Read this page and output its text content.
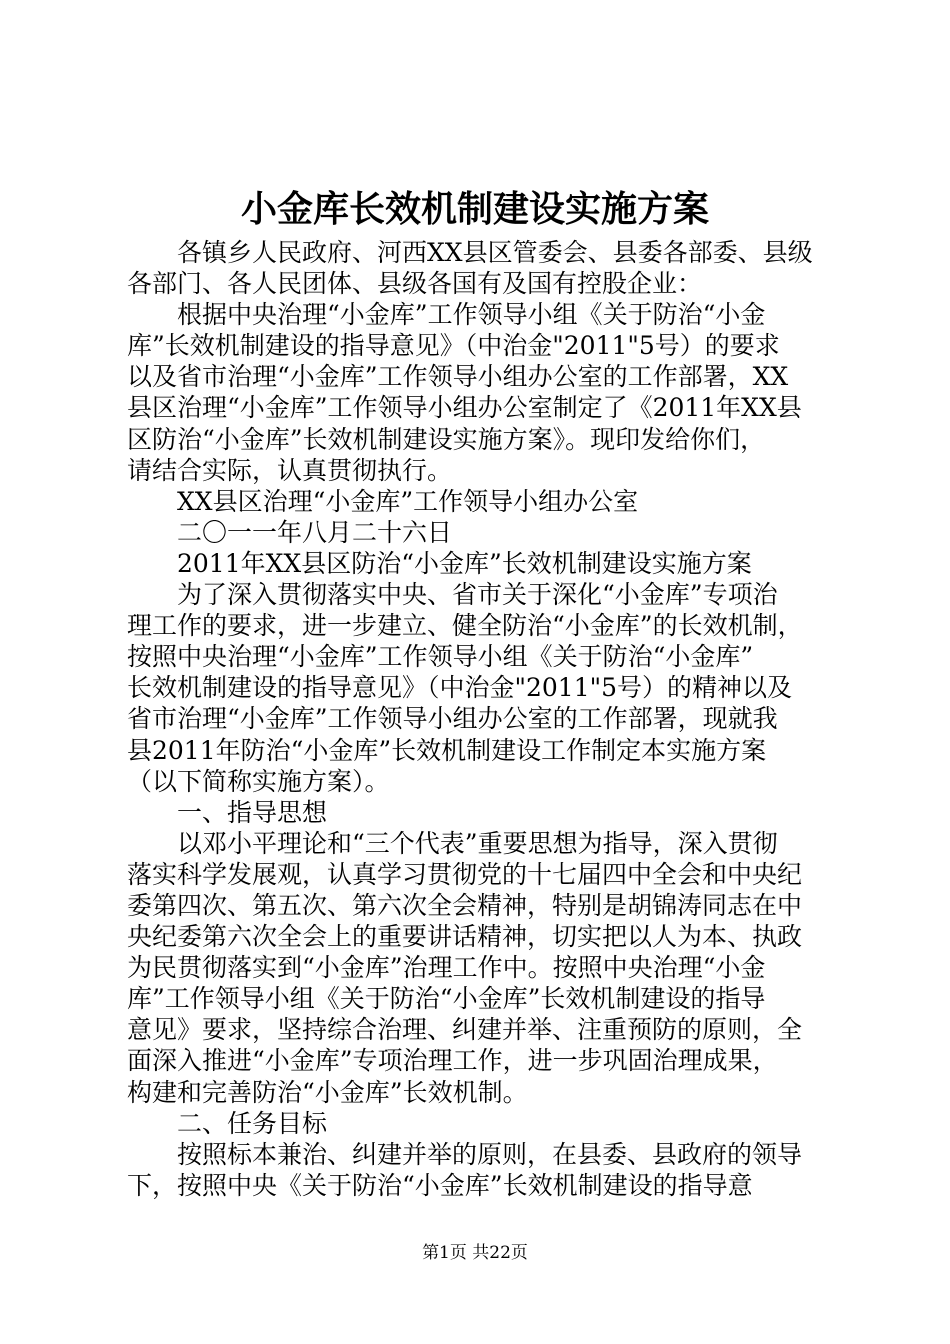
小金库长效机制建设实施方案
　　各镇乡人民政府、河西XX县区管委会、县委各部委、县级
各部门、各人民团体、县级各国有及国有控股企业：
　　根据中央治理“小金库”工作领导小组《关于防治“小金
库”长效机制建设的指导意见》（中治金"2011"5号）的要求
以及省市治理“小金库”工作领导小组办公室的工作部署，XX
县区治理“小金库”工作领导小组办公室制定了《2011年XX县
区防治“小金库”长效机制建设实施方案》。现印发给你们，
请结合实际，认真贯彻执行。
　　XX县区治理“小金库”工作领导小组办公室
　　二〇一一年八月二十六日
　　2011年XX县区防治“小金库”长效机制建设实施方案
　　为了深入贯彻落实中央、省市关于深化“小金库”专项治
理工作的要求，进一步建立、健全防治“小金库”的长效机制，
按照中央治理“小金库”工作领导小组《关于防治“小金库”
长效机制建设的指导意见》（中治金"2011"5号）的精神以及
省市治理“小金库”工作领导小组办公室的工作部署，现就我
县2011年防治“小金库”长效机制建设工作制定本实施方案
（以下简称实施方案）。
　　一、指导思想
　　以邓小平理论和“三个代表”重要思想为指导，深入贯彻
落实科学发展观，认真学习贯彻党的十七届四中全会和中央纪
委第四次、第五次、第六次全会精神，特别是胡锦涛同志在中
央纪委第六次全会上的重要讲话精神，切实把以人为本、执政
为民贯彻落实到“小金库”治理工作中。按照中央治理“小金
库”工作领导小组《关于防治“小金库”长效机制建设的指导
意见》要求，坚持综合治理、纠建并举、注重预防的原则，全
面深入推进“小金库”专项治理工作，进一步巩固治理成果，
构建和完善防治“小金库”长效机制。
　　二、任务目标
　　按照标本兼治、纠建并举的原则，在县委、县政府的领导
下，按照中央《关于防治“小金库”长效机制建设的指导意
第1页 共22页
